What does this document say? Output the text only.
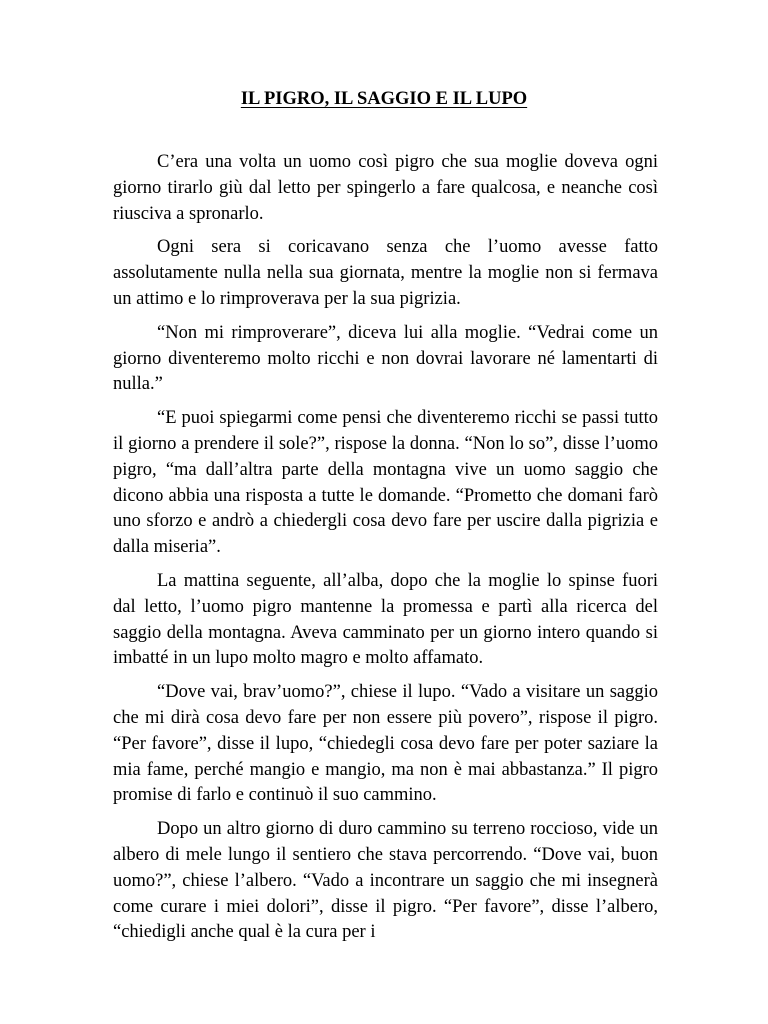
IL PIGRO, IL SAGGIO E IL LUPO

C’era una volta un uomo così pigro che sua moglie doveva ogni giorno tirarlo giù dal letto per spingerlo a fare qualcosa, e neanche così riusciva a spronarlo.

Ogni sera si coricavano senza che l’uomo avesse fatto assolutamente nulla nella sua giornata, mentre la moglie non si fermava un attimo e lo rimproverava per la sua pigrizia.

“Non mi rimproverare”, diceva lui alla moglie. “Vedrai come un giorno diventeremo molto ricchi e non dovrai lavorare né lamentarti di nulla.”

“E puoi spiegarmi come pensi che diventeremo ricchi se passi tutto il giorno a prendere il sole?”, rispose la donna. “Non lo so”, disse l’uomo pigro, “ma dall’altra parte della montagna vive un uomo saggio che dicono abbia una risposta a tutte le domande. “Prometto che domani farò uno sforzo e andrò a chiedergli cosa devo fare per uscire dalla pigrizia e dalla miseria”.

La mattina seguente, all’alba, dopo che la moglie lo spinse fuori dal letto, l’uomo pigro mantenne la promessa e partì alla ricerca del saggio della montagna. Aveva camminato per un giorno intero quando si imbatté in un lupo molto magro e molto affamato.

“Dove vai, brav’uomo?”, chiese il lupo. “Vado a visitare un saggio che mi dirà cosa devo fare per non essere più povero”, rispose il pigro. “Per favore”, disse il lupo, “chiedegli cosa devo fare per poter saziare la mia fame, perché mangio e mangio, ma non è mai abbastanza.” Il pigro promise di farlo e continuò il suo cammino.

Dopo un altro giorno di duro cammino su terreno roccioso, vide un albero di mele lungo il sentiero che stava percorrendo. “Dove vai, buon uomo?”, chiese l’albero. “Vado a incontrare un saggio che mi insegnerà come curare i miei dolori”, disse il pigro. “Per favore”, disse l’albero, “chiedigli anche qual è la cura per i
